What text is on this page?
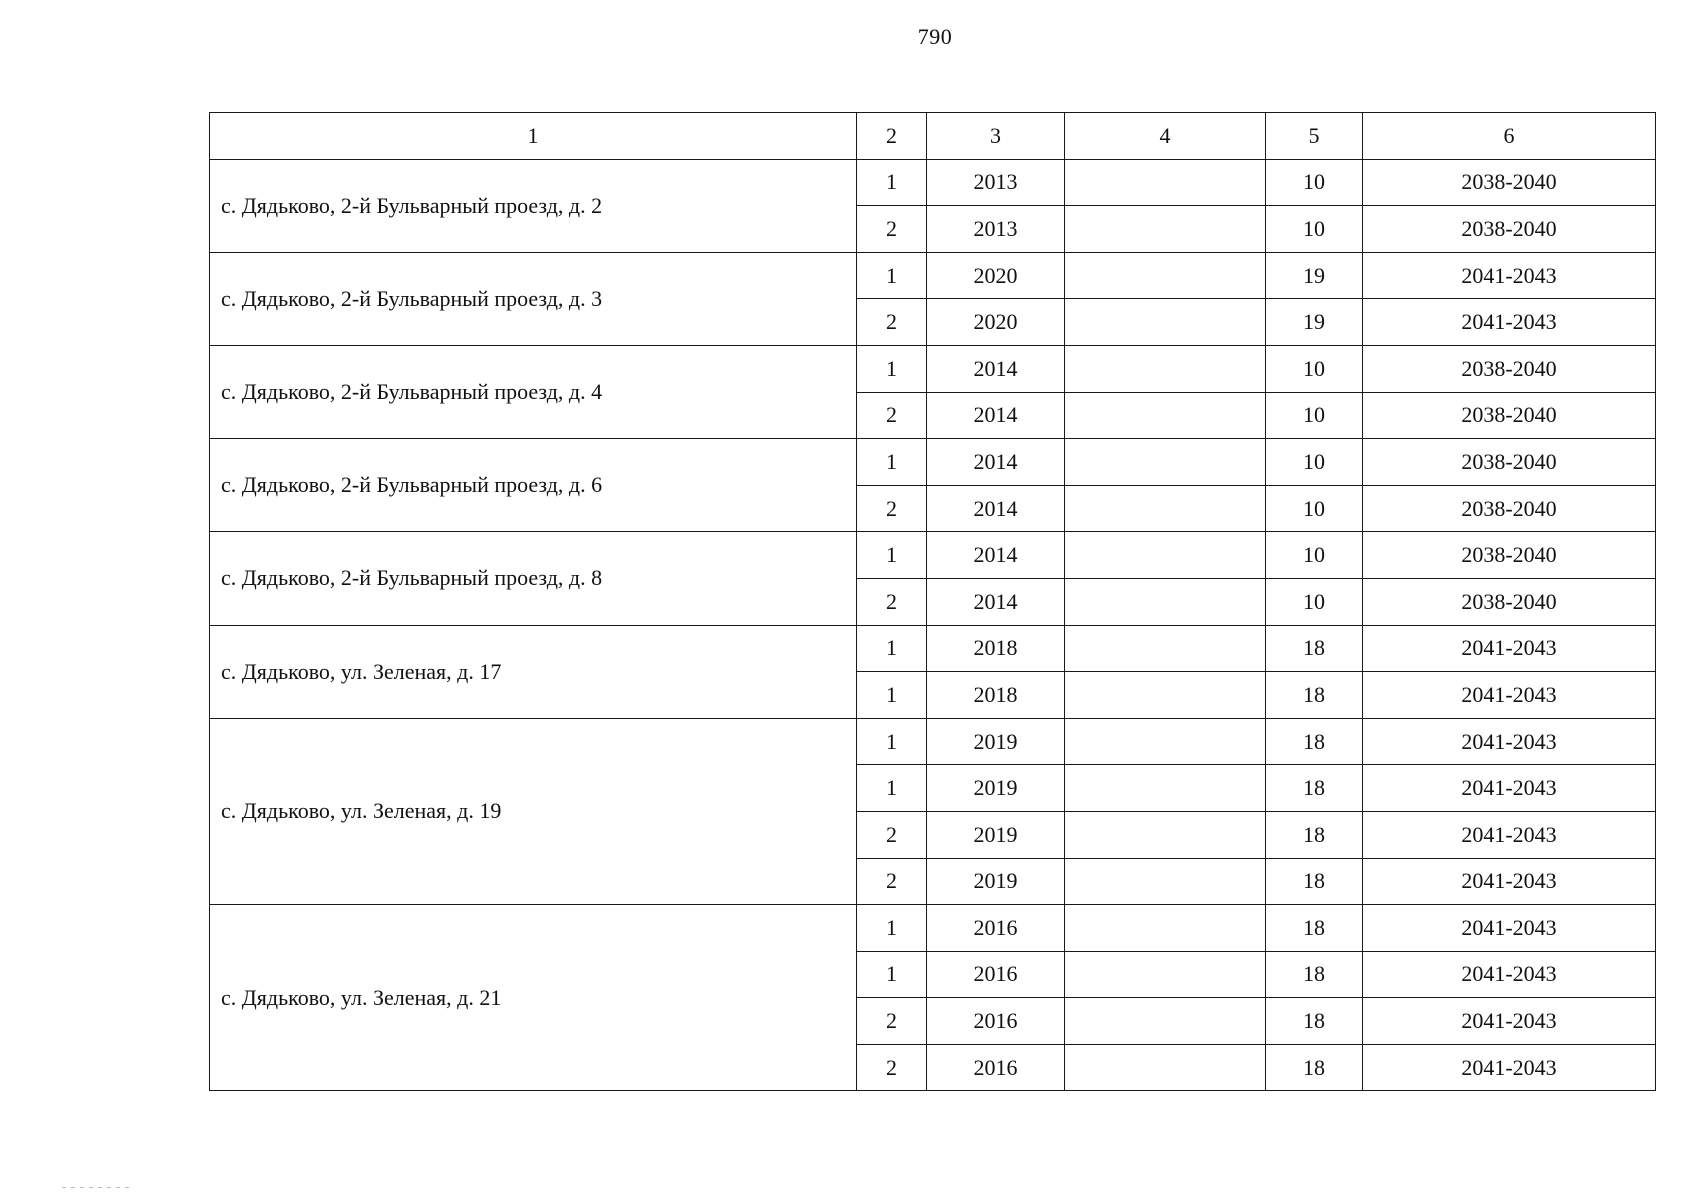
790
1	2	3	4	5	6
с. Дядьково, 2-й Бульварный проезд, д. 2	1	2013		10	2038-2040
	2	2013		10	2038-2040
с. Дядьково, 2-й Бульварный проезд, д. 3	1	2020		19	2041-2043
	2	2020		19	2041-2043
с. Дядьково, 2-й Бульварный проезд, д. 4	1	2014		10	2038-2040
	2	2014		10	2038-2040
с. Дядьково, 2-й Бульварный проезд, д. 6	1	2014		10	2038-2040
	2	2014		10	2038-2040
с. Дядьково, 2-й Бульварный проезд, д. 8	1	2014		10	2038-2040
	2	2014		10	2038-2040
с. Дядьково, ул. Зеленая, д. 17	1	2018		18	2041-2043
	1	2018		18	2041-2043
с. Дядьково, ул. Зеленая, д. 19	1	2019		18	2041-2043
	1	2019		18	2041-2043
	2	2019		18	2041-2043
	2	2019		18	2041-2043
с. Дядьково, ул. Зеленая, д. 21	1	2016		18	2041-2043
	1	2016		18	2041-2043
	2	2016		18	2041-2043
	2	2016		18	2041-2043
